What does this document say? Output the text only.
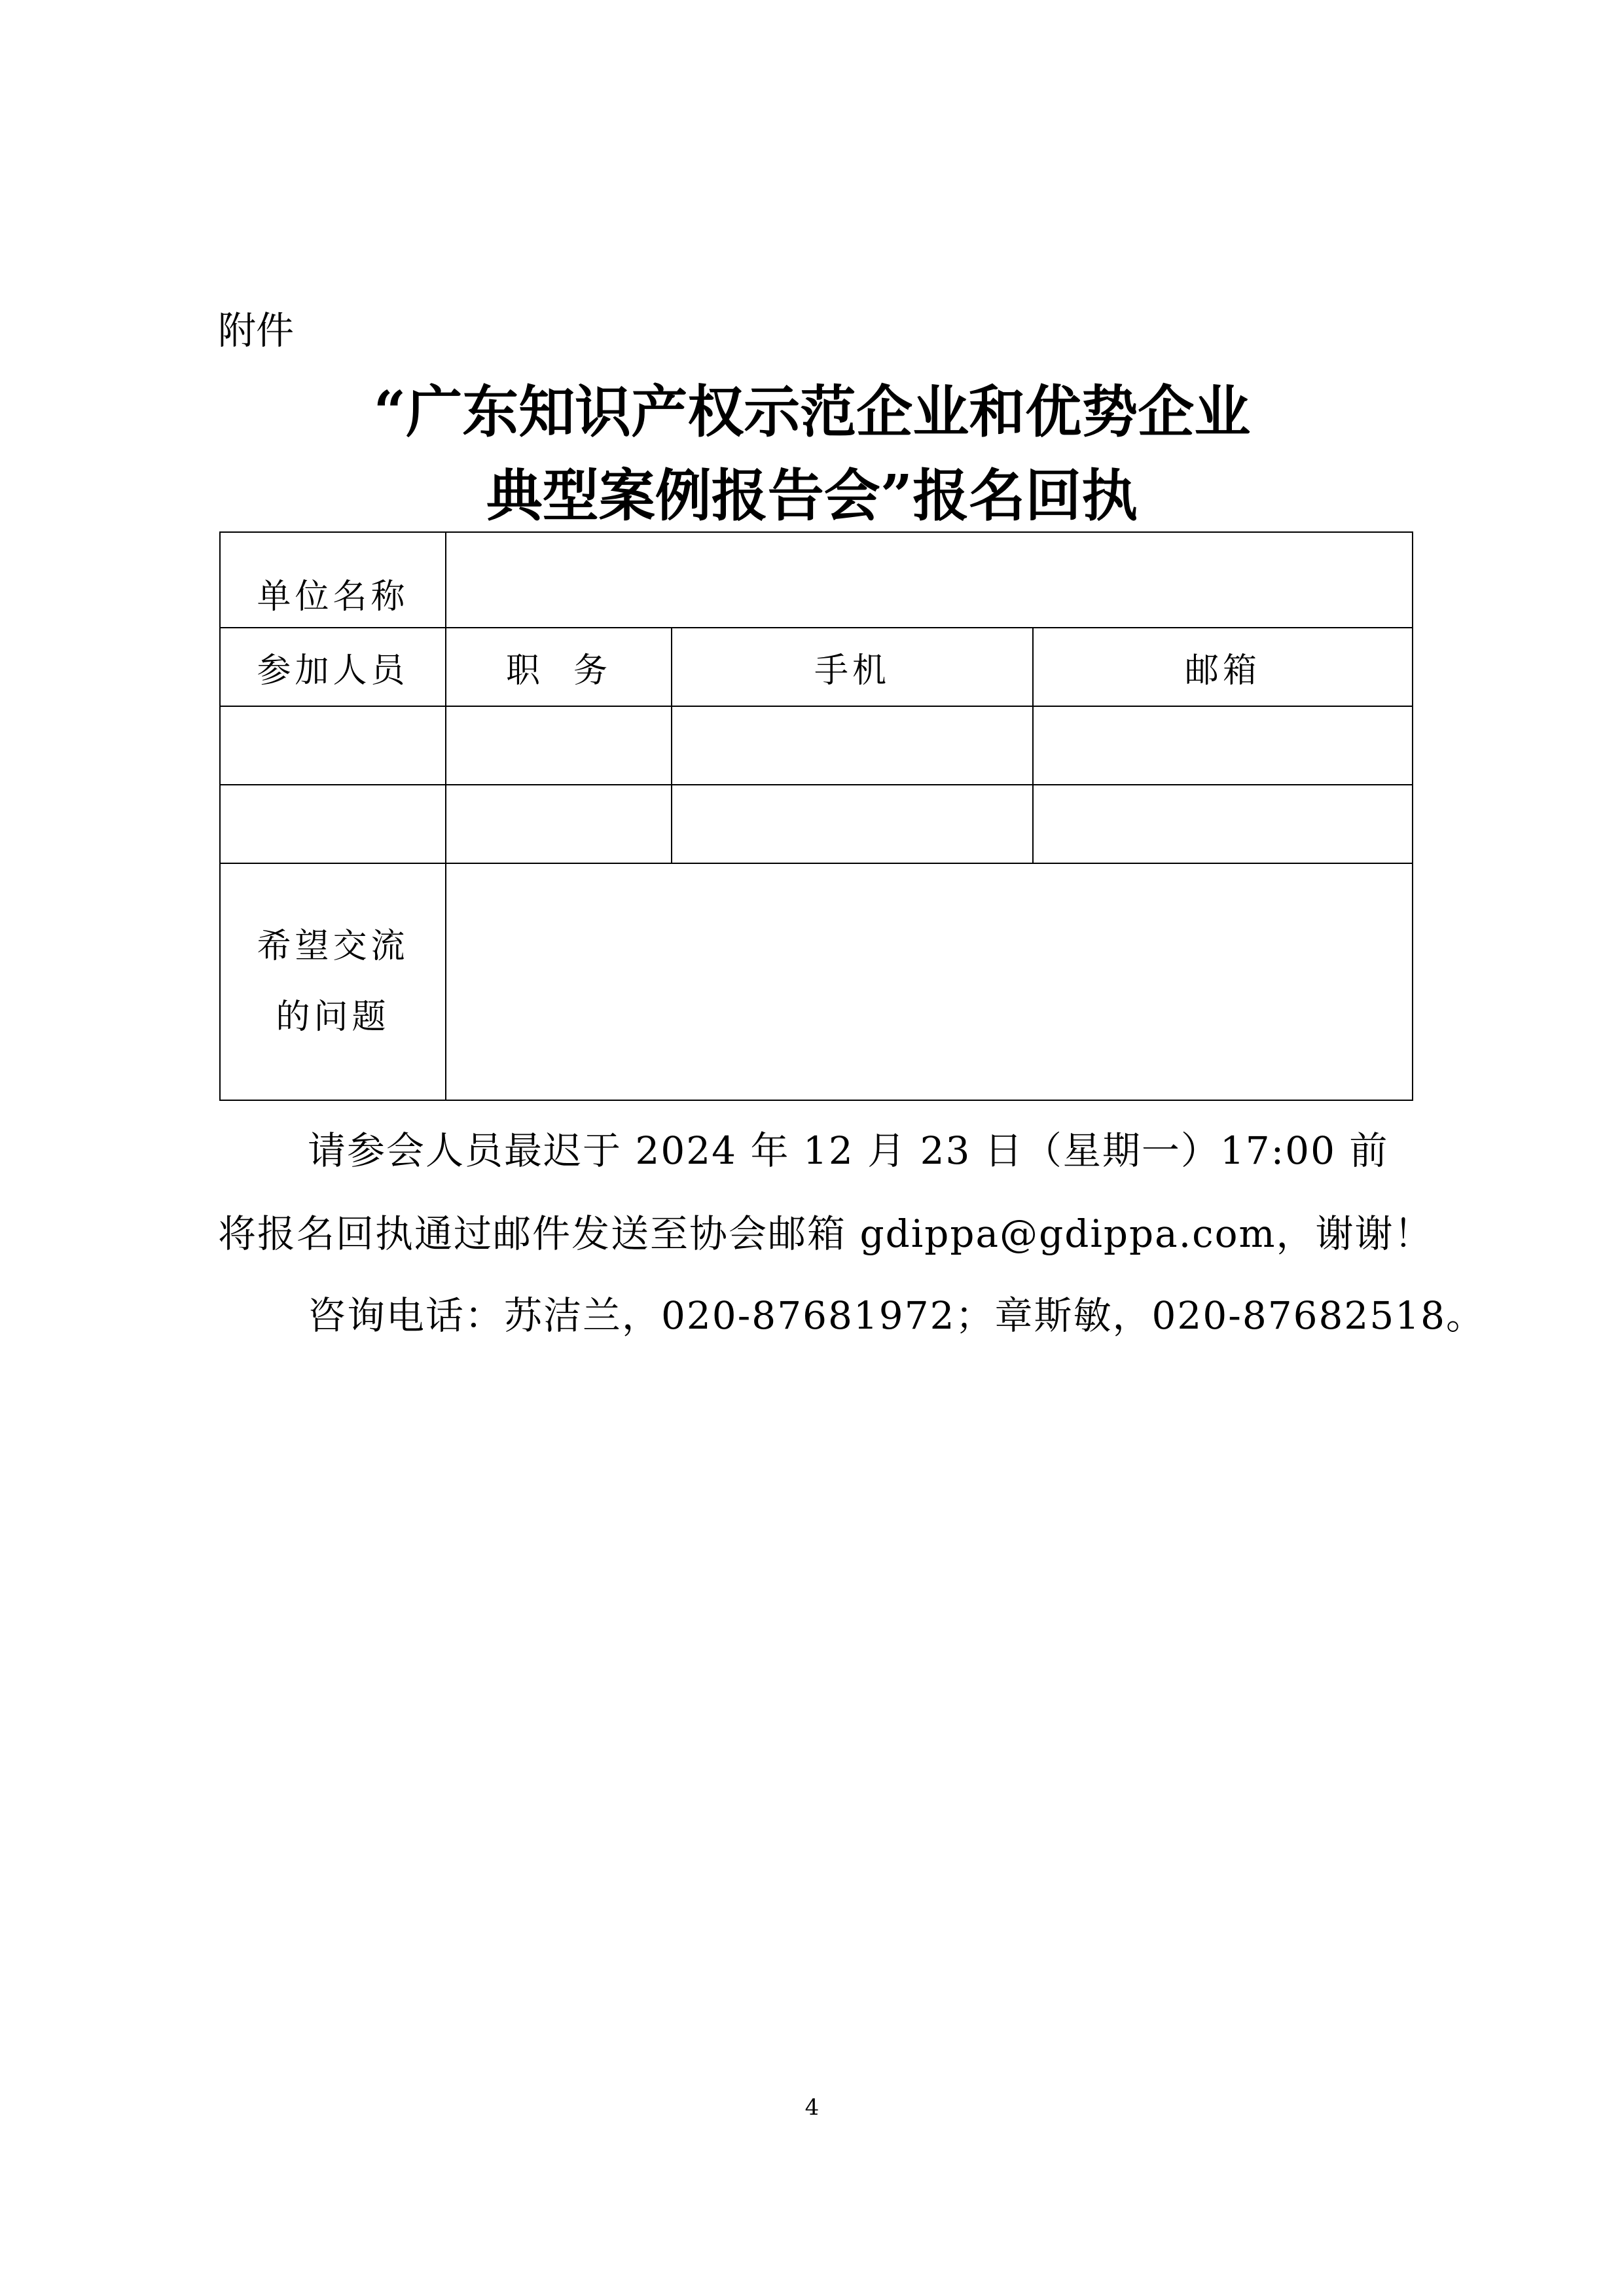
附件

“广东知识产权示范企业和优势企业
典型案例报告会”报名回执
单位名称			
参加人员	职  务	手机	邮箱

希望交流
的问题			

请参会人员最迟于 2024 年 12 月 23 日（星期一）17:00 前

将报名回执通过邮件发送至协会邮箱 gdippa@gdippa.com，谢谢！

咨询电话：苏洁兰，020-87681972；章斯敏，020-87682518。

4
